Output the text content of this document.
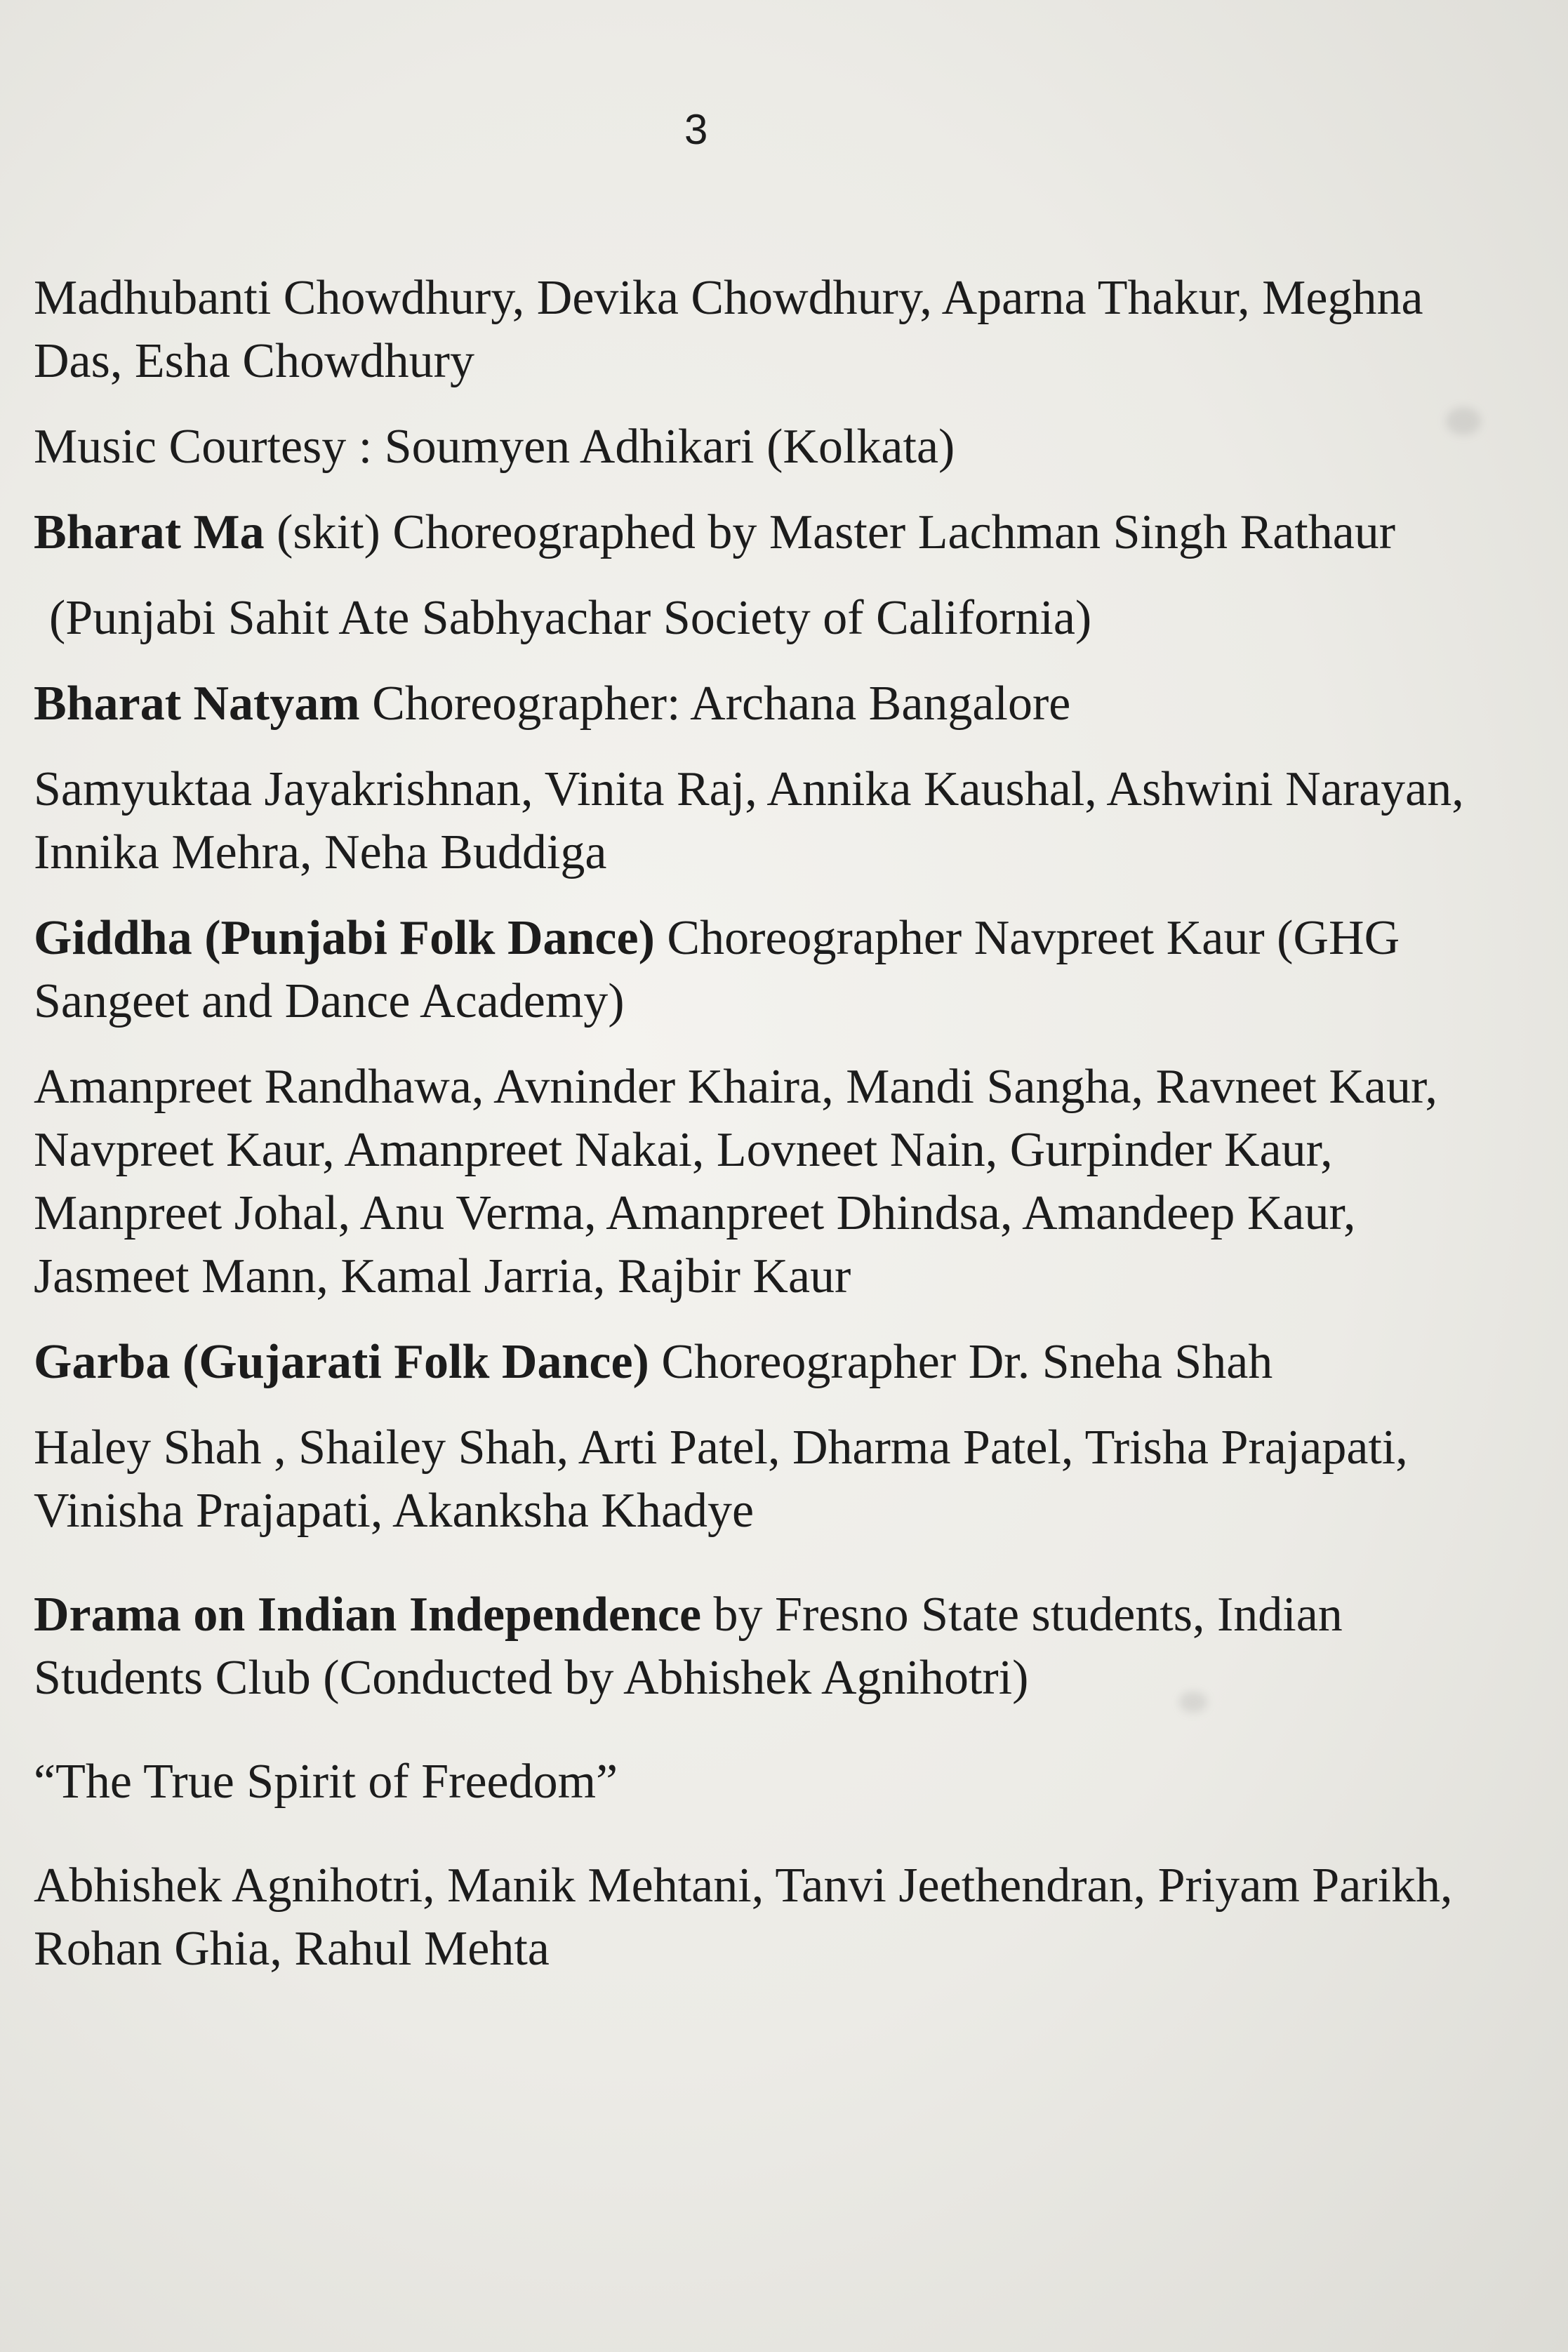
3

Madhubanti Chowdhury, Devika Chowdhury, Aparna Thakur, Meghna Das, Esha Chowdhury

Music Courtesy : Soumyen Adhikari (Kolkata)

Bharat Ma (skit) Choreographed by Master Lachman Singh Rathaur

(Punjabi Sahit Ate Sabhyachar Society of California)

Bharat Natyam Choreographer: Archana Bangalore

Samyuktaa Jayakrishnan, Vinita Raj, Annika Kaushal, Ashwini Narayan, Innika Mehra, Neha Buddiga

Giddha (Punjabi Folk Dance) Choreographer Navpreet Kaur (GHG Sangeet and Dance Academy)

Amanpreet Randhawa, Avninder Khaira, Mandi Sangha, Ravneet Kaur, Navpreet Kaur, Amanpreet Nakai, Lovneet Nain, Gurpinder Kaur, Manpreet Johal, Anu Verma, Amanpreet Dhindsa, Amandeep Kaur, Jasmeet Mann, Kamal Jarria, Rajbir Kaur

Garba (Gujarati Folk Dance) Choreographer Dr. Sneha Shah

Haley Shah , Shailey Shah, Arti Patel, Dharma Patel, Trisha Prajapati, Vinisha Prajapati, Akanksha Khadye

Drama on Indian Independence by Fresno State students, Indian Students Club (Conducted by Abhishek Agnihotri)

“The True Spirit of Freedom”

Abhishek Agnihotri, Manik Mehtani, Tanvi Jeethendran, Priyam Parikh, Rohan Ghia, Rahul Mehta
